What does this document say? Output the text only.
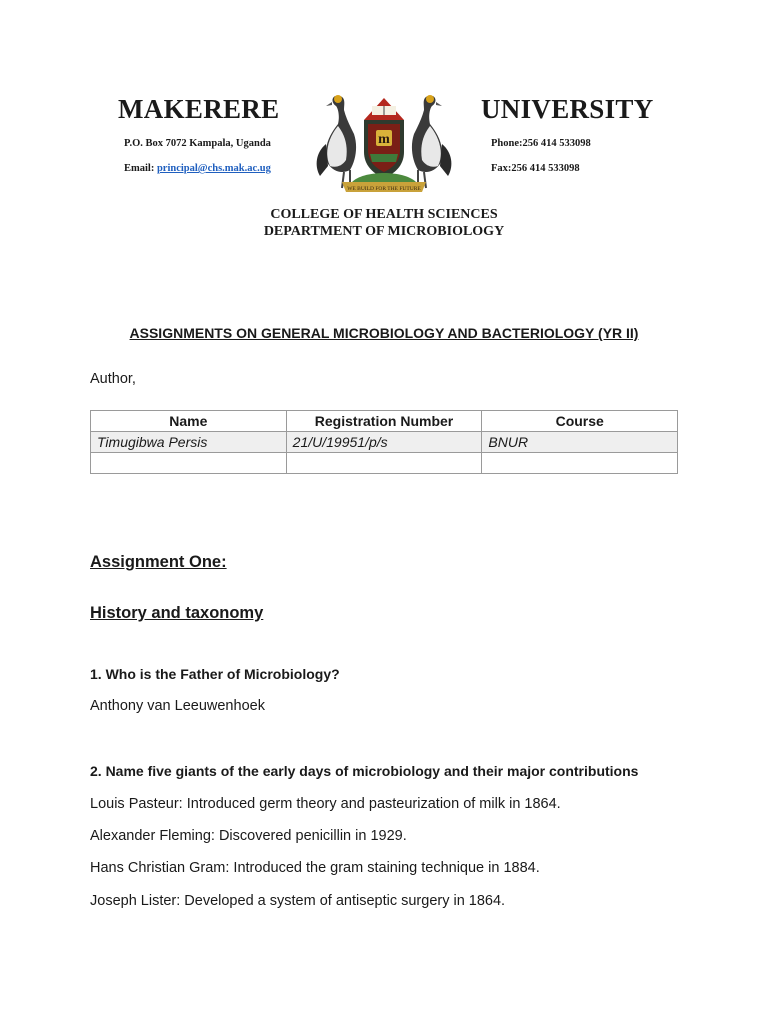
MAKERERE	UNIVERSITY
P.O. Box 7072 Kampala, Uganda
Email: principal@chs.mak.ac.ug
Phone:256 414 533098
Fax:256 414 533098
m
WE BUILD FOR THE FUTURE
COLLEGE OF HEALTH SCIENCES
DEPARTMENT OF MICROBIOLOGY
ASSIGNMENTS ON GENERAL MICROBIOLOGY AND BACTERIOLOGY (YR II)
Author,
Name	Registration Number	Course
Timugibwa Persis	21/U/19951/p/s	BNUR

Assignment One:
History and taxonomy
1. Who is the Father of Microbiology?
Anthony van Leeuwenhoek
2. Name five giants of the early days of microbiology and their major contributions
Louis Pasteur: Introduced germ theory and pasteurization of milk in 1864.
Alexander Fleming: Discovered penicillin in 1929.
Hans Christian Gram: Introduced the gram staining technique in 1884.
Joseph Lister: Developed a system of antiseptic surgery in 1864.
